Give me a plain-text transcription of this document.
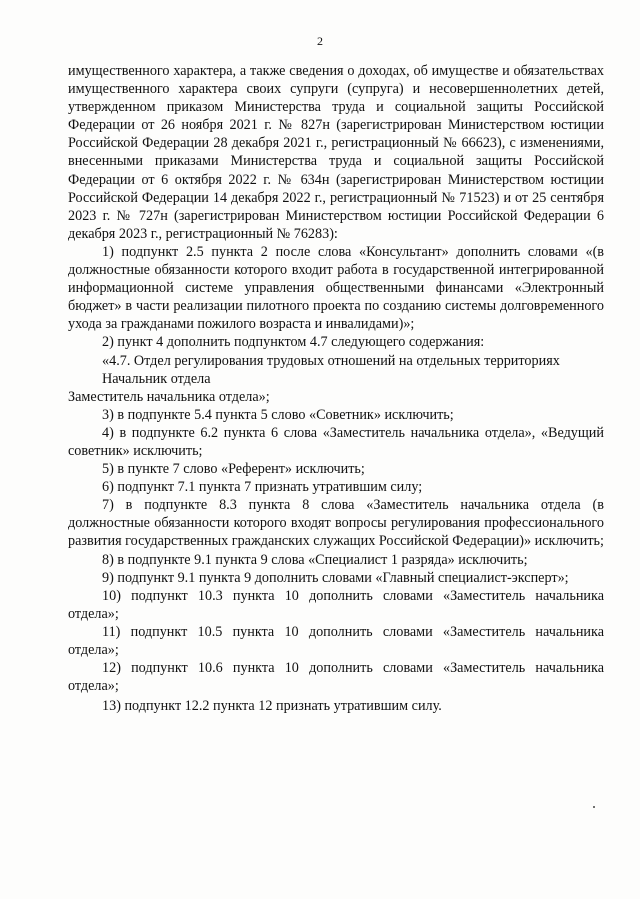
2

имущественного характера, а также сведения о доходах, об имуществе и обязательствах имущественного характера своих супруги (супруга) и несовершеннолетних детей, утвержденном приказом Министерства труда и социальной защиты Российской Федерации от 26 ноября 2021 г. № 827н (зарегистрирован Министерством юстиции Российской Федерации 28 декабря 2021 г., регистрационный № 66623), с изменениями, внесенными приказами Министерства труда и социальной защиты Российской Федерации от 6 октября 2022 г. № 634н (зарегистрирован Министерством юстиции Российской Федерации 14 декабря 2022 г., регистрационный № 71523) и от 25 сентября 2023 г. № 727н (зарегистрирован Министерством юстиции Российской Федерации 6 декабря 2023 г., регистрационный № 76283):

1) подпункт 2.5 пункта 2 после слова «Консультант» дополнить словами «(в должностные обязанности которого входит работа в государственной интегрированной информационной системе управления общественными финансами «Электронный бюджет» в части реализации пилотного проекта по созданию системы долговременного ухода за гражданами пожилого возраста и инвалидами)»;

2) пункт 4 дополнить подпунктом 4.7 следующего содержания:

«4.7. Отдел регулирования трудовых отношений на отдельных территориях

Начальник отдела

Заместитель начальника отдела»;

3) в подпункте 5.4 пункта 5 слово «Советник» исключить;

4) в подпункте 6.2 пункта 6 слова «Заместитель начальника отдела», «Ведущий советник» исключить;

5) в пункте 7 слово «Референт» исключить;

6) подпункт 7.1 пункта 7 признать утратившим силу;

7) в подпункте 8.3 пункта 8 слова «Заместитель начальника отдела (в должностные обязанности которого входят вопросы регулирования профессионального развития государственных гражданских служащих Российской Федерации)» исключить;

8) в подпункте 9.1 пункта 9 слова «Специалист 1 разряда» исключить;

9) подпункт 9.1 пункта 9 дополнить словами «Главный специалист-эксперт»;

10) подпункт 10.3 пункта 10 дополнить словами «Заместитель начальника отдела»;

11) подпункт 10.5 пункта 10 дополнить словами «Заместитель начальника отдела»;

12) подпункт 10.6 пункта 10 дополнить словами «Заместитель начальника отдела»;

13) подпункт 12.2 пункта 12 признать утратившим силу.
